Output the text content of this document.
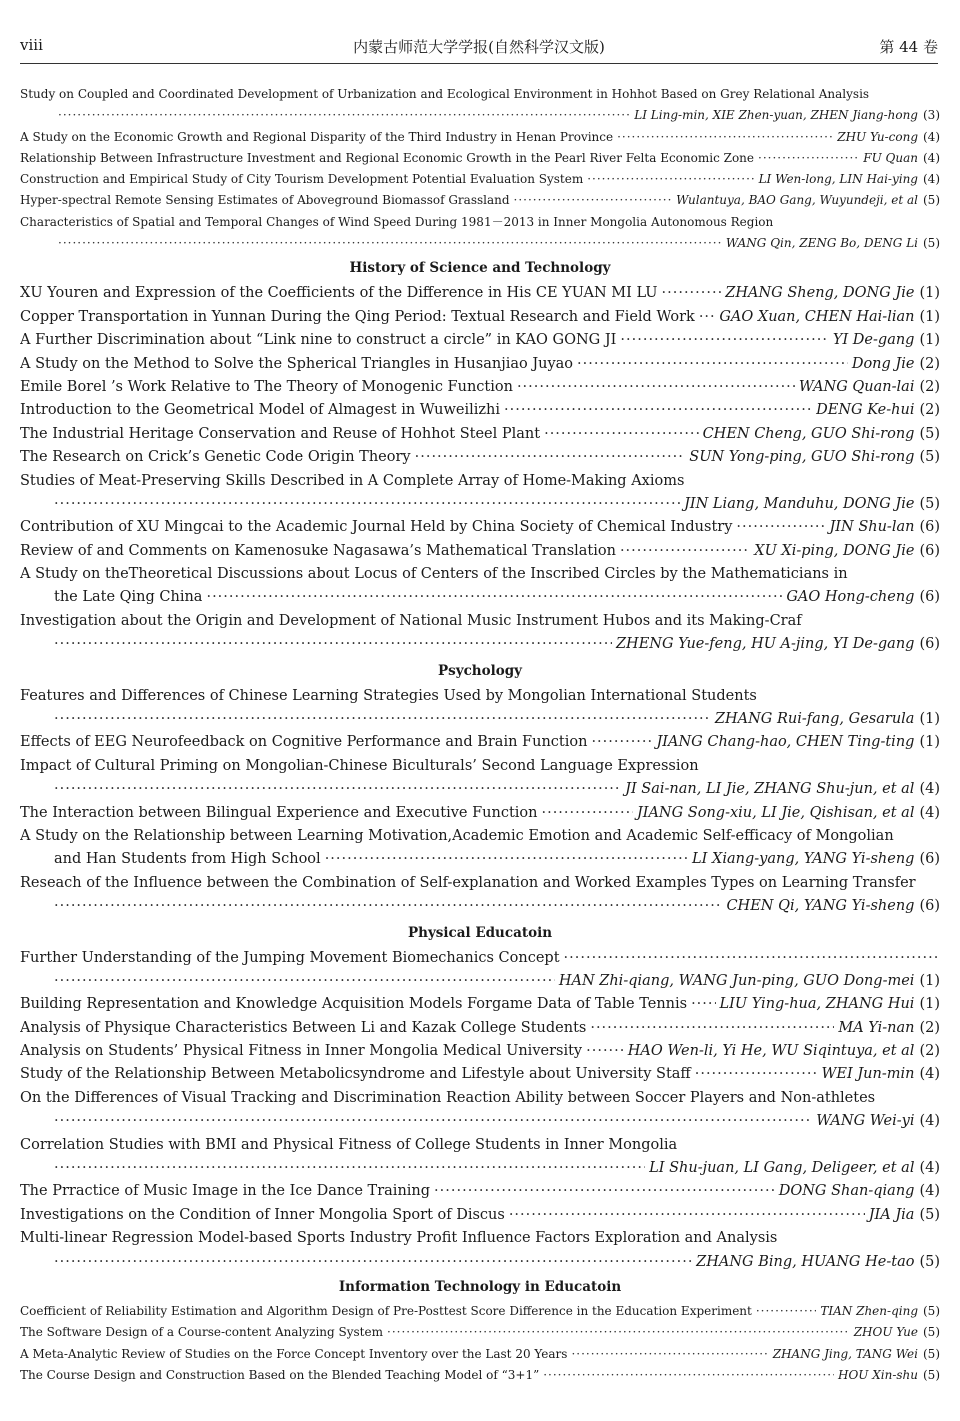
viii	内蒙古师范大学学报(自然科学汉文版)	第 44 卷
Study on Coupled and Coordinated Development of Urbanization and Ecological Environment in Hohhot Based on Grey Relational Analysis
·····
LI Ling-min, XIE Zhen-yuan, ZHEN Jiang-hong (3)
A Study on the Economic Growth and Regional Disparity of the Third Industry in Henan Province ·····	ZHU Yu-cong (4)
Relationship Between Infrastructure Investment and Regional Economic Growth in the Pearl River Felta Economic Zone ·····	FU Quan (4)
Construction and Empirical Study of City Tourism Development Potential Evaluation System ·····	LI Wen-long, LIN Hai-ying (4)
Hyper-spectral Remote Sensing Estimates of Aboveground Biomassof Grassland ·····	Wulantuya, BAO Gang, Wuyundeji, et al (5)
Characteristics of Spatial and Temporal Changes of Wind Speed During 1981－2013 in Inner Mongolia Autonomous Region
·····
WANG Qin, ZENG Bo, DENG Li (5)
History of Science and Technology
XU Youren and Expression of the Coefficients of the Difference in His CE YUAN MI LU ·····	ZHANG Sheng, DONG Jie (1)
Copper Transportation in Yunnan During the Qing Period: Textual Research and Field Work ····· GAO Xuan, CHEN Hai-lian (1)
A Further Discrimination about “Link nine to construct a circle” in KAO GONG JI ·····	YI De-gang (1)
A Study on the Method to Solve the Spherical Triangles in Husanjiao Juyao ·····	Dong Jie (2)
Emile Borel ’s Work Relative to The Theory of Monogenic Function ·····	WANG Quan-lai (2)
Introduction to the Geometrical Model of Almagest in Wuweilizhi ·····	DENG Ke-hui (2)
The Industrial Heritage Conservation and Reuse of Hohhot Steel Plant ·····	CHEN Cheng, GUO Shi-rong (5)
The Research on Crick’s Genetic Code Origin Theory ·····	SUN Yong-ping, GUO Shi-rong (5)
Studies of Meat-Preserving Skills Described in A Complete Array of Home-Making Axioms
·····
JIN Liang, Manduhu, DONG Jie (5)
Contribution of XU Mingcai to the Academic Journal Held by China Society of Chemical Industry ·····	JIN Shu-lan (6)
Review of and Comments on Kamenosuke Nagasawa’s Mathematical Translation ·····	XU Xi-ping, DONG Jie (6)
A Study on theTheoretical Discussions about Locus of Centers of the Inscribed Circles by the Mathematicians in
the Late Qing China ·····	GAO Hong-cheng (6)
Investigation about the Origin and Development of National Music Instrument Hubos and its Making-Craf
·····
ZHENG Yue-feng, HU A-jing, YI De-gang (6)
Psychology
Features and Differences of Chinese Learning Strategies Used by Mongolian International Students
·····
ZHANG Rui-fang, Gesarula (1)
Effects of EEG Neurofeedback on Cognitive Performance and Brain Function ·····	JIANG Chang-hao, CHEN Ting-ting (1)
Impact of Cultural Priming on Mongolian-Chinese Biculturals’ Second Language Expression
·····
JI Sai-nan, LI Jie, ZHANG Shu-jun, et al (4)
The Interaction between Bilingual Experience and Executive Function ·····	JIANG Song-xiu, LI Jie, Qishisan, et al (4)
A Study on the Relationship between Learning Motivation,Academic Emotion and Academic Self-efficacy of Mongolian
and Han Students from High School ·····	LI Xiang-yang, YANG Yi-sheng (6)
Reseach of the Influence between the Combination of Self-explanation and Worked Examples Types on Learning Transfer
·····
CHEN Qi, YANG Yi-sheng (6)
Physical Educatoin
Further Understanding of the Jumping Movement Biomechanics Concept
·····
·····
HAN Zhi-qiang, WANG Jun-ping, GUO Dong-mei (1)
Building Representation and Knowledge Acquisition Models Forgame Data of Table Tennis ····· LIU Ying-hua, ZHANG Hui (1)
Analysis of Physique Characteristics Between Li and Kazak College Students ·····	MA Yi-nan (2)
Analysis on Students’ Physical Fitness in Inner Mongolia Medical University ·····	HAO Wen-li, Yi He, WU Siqintuya, et al (2)
Study of the Relationship Between Metabolicsyndrome and Lifestyle about University Staff ·····	WEI Jun-min (4)
On the Differences of Visual Tracking and Discrimination Reaction Ability between Soccer Players and Non-athletes
·····
WANG Wei-yi (4)
Correlation Studies with BMI and Physical Fitness of College Students in Inner Mongolia
·····
LI Shu-juan, LI Gang, Deligeer, et al (4)
The Prractice of Music Image in the Ice Dance Training ·····	DONG Shan-qiang (4)
Investigations on the Condition of Inner Mongolia Sport of Discus ·····	JIA Jia (5)
Multi-linear Regression Model-based Sports Industry Profit Influence Factors Exploration and Analysis
·····
ZHANG Bing, HUANG He-tao (5)
Information Technology in Educatoin
Coefficient of Reliability Estimation and Algorithm Design of Pre-Posttest Score Difference in the Education Experiment ·····	TIAN Zhen-qing (5)
The Software Design of a Course-content Analyzing System ·····	ZHOU Yue (5)
A Meta-Analytic Review of Studies on the Force Concept Inventory over the Last 20 Years ·····	ZHANG Jing, TANG Wei (5)
The Course Design and Construction Based on the Blended Teaching Model of “3+1” ·····	HOU Xin-shu (5)
